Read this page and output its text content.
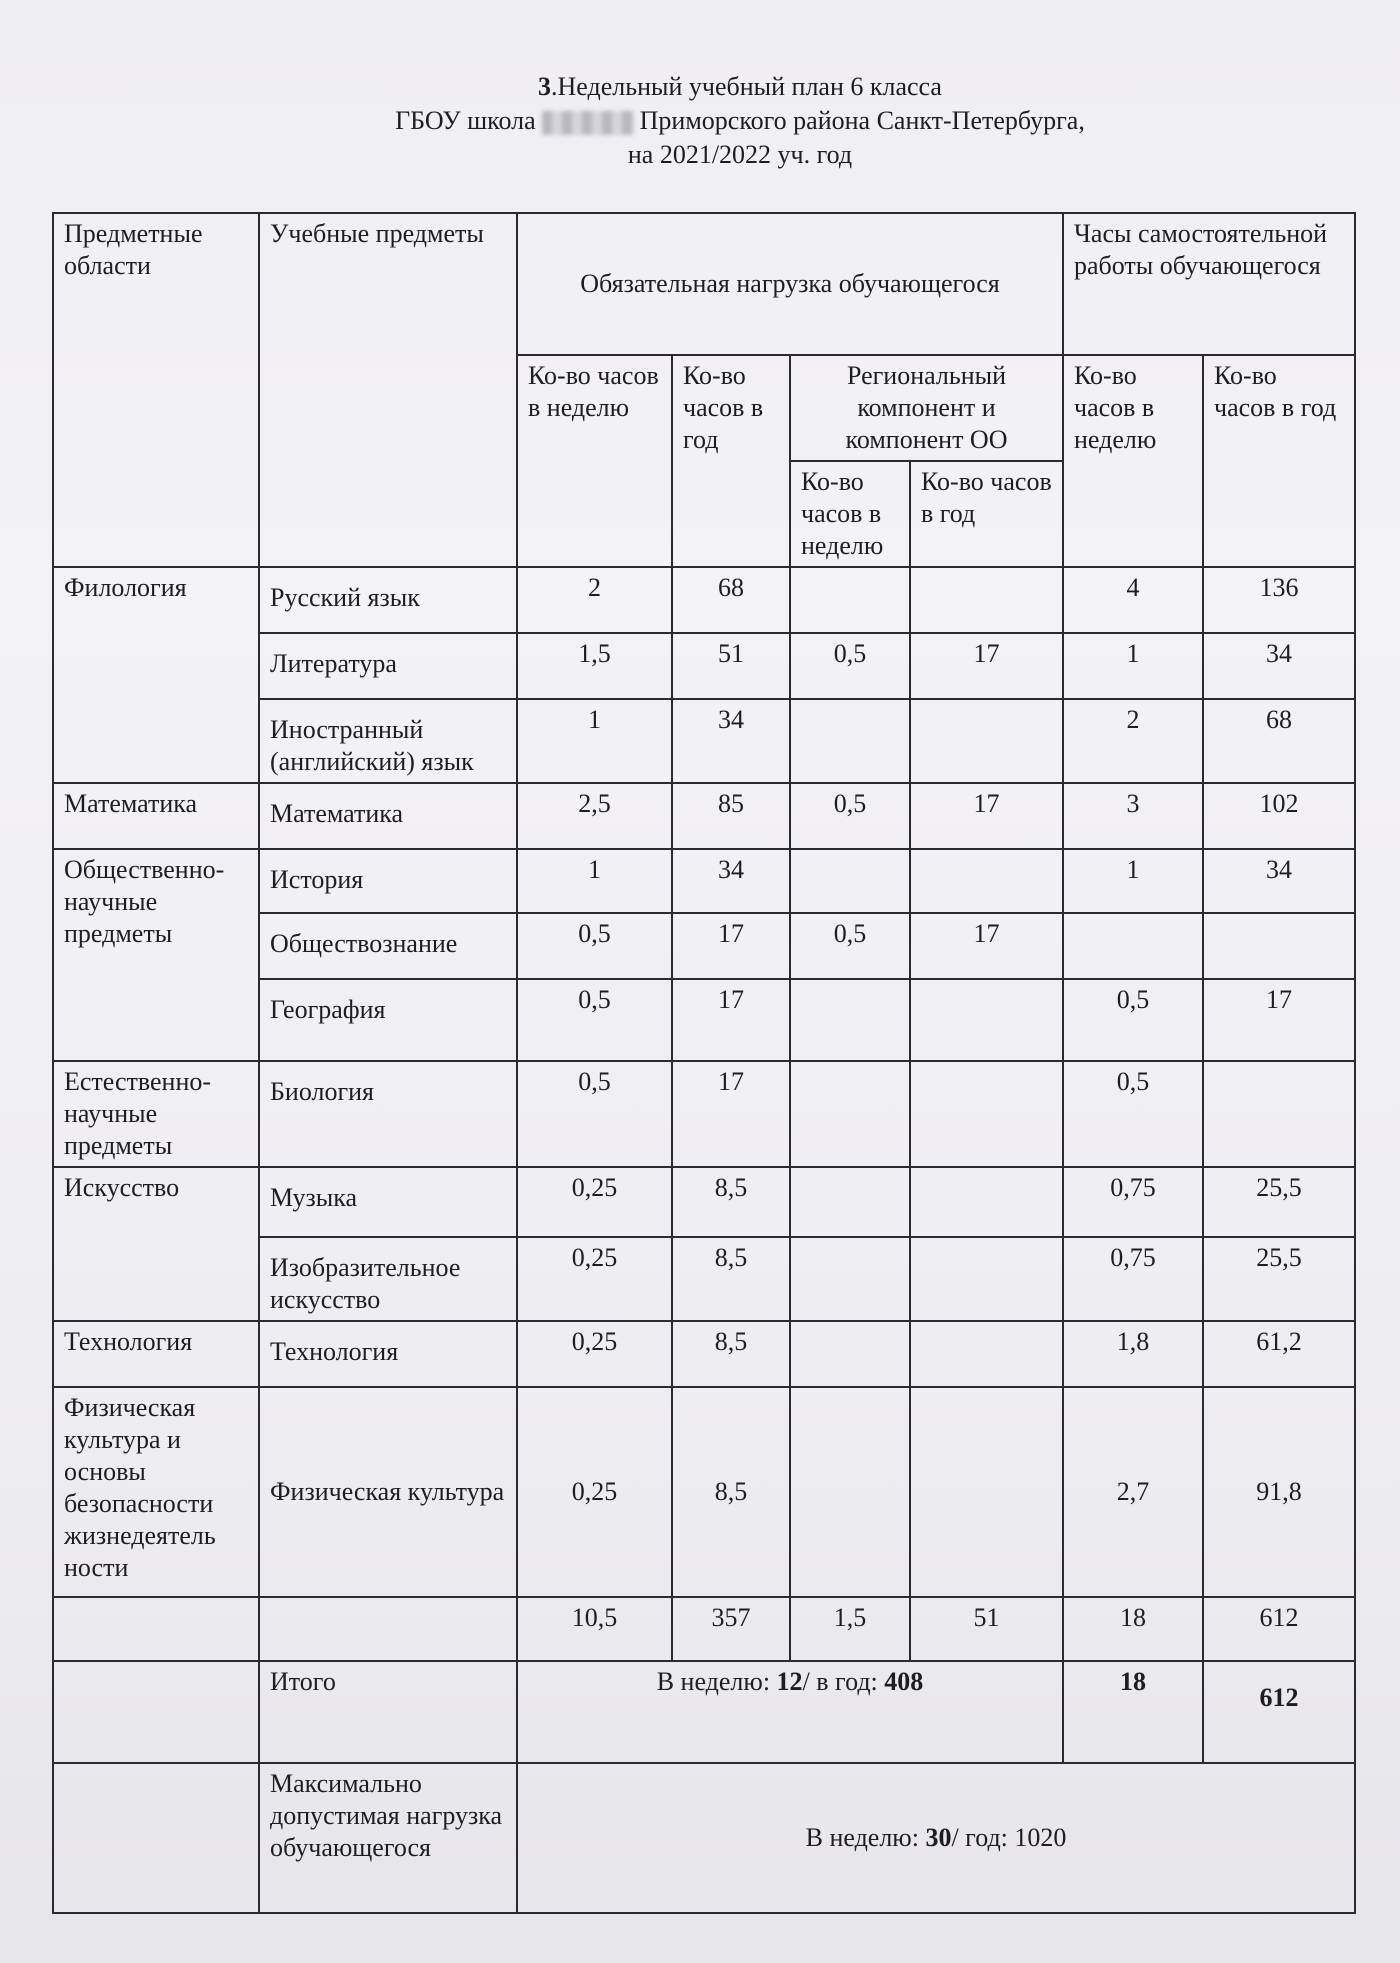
3.Недельный учебный план 6 класса
ГБОУ школа	Приморского района Санкт-Петербурга,
на 2021/2022 уч. год
Предметные области	Учебные предметы	Обязательная нагрузка обучающегося				Часы самостоятельной работы обучающегося	
		Ко-во часов в неделю	Ко-во часов в год	Региональный компонент и компонент ОО		Ко-во часов в неделю	Ко-во часов в год
				Ко-во часов в неделю	Ко-во часов в год		
Филология	Русский язык	2	68			4	136
	Литература	1,5	51	0,5	17	1	34
	Иностранный (английский) язык	1	34			2	68
Математика	Математика	2,5	85	0,5	17	3	102
Общественно-научные предметы	История	1	34			1	34
	Обществознание	0,5	17	0,5	17		
	География	0,5	17			0,5	17
Естественно-научные предметы	Биология	0,5	17			0,5	
Искусство	Музыка	0,25	8,5			0,75	25,5
	Изобразительное искусство	0,25	8,5			0,75	25,5
Технология	Технология	0,25	8,5			1,8	61,2
Физическая культура и основы безопасности жизнедеятель ности	Физическая культура	0,25	8,5			2,7	91,8
		10,5	357	1,5	51	18	612
	Итого	В неделю: 12/ в год: 408				18	612
	Максимально допустимая нагрузка обучающегося	В неделю: 30/ год: 1020					
